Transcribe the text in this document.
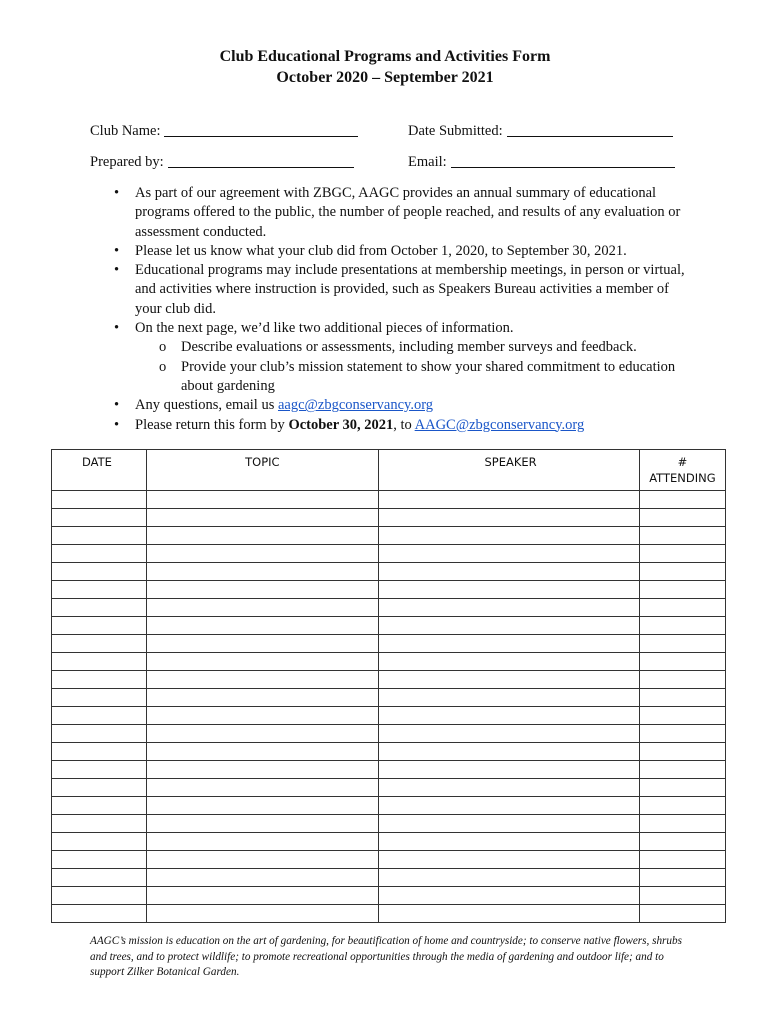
Club Educational Programs and Activities Form
October 2020 – September 2021
Club Name:	Date Submitted:
Prepared by:	Email:
• As part of our agreement with ZBGC, AAGC provides an annual summary of educational programs offered to the public, the number of people reached, and results of any evaluation or assessment conducted.
• Please let us know what your club did from October 1, 2020, to September 30, 2021.
• Educational programs may include presentations at membership meetings, in person or virtual, and activities where instruction is provided, such as Speakers Bureau activities a member of your club did.
• On the next page, we’d like two additional pieces of information.
o Describe evaluations or assessments, including member surveys and feedback.
o Provide your club’s mission statement to show your shared commitment to education about gardening
• Any questions, email us aagc@zbgconservancy.org
• Please return this form by October 30, 2021, to AAGC@zbgconservancy.org
DATE	TOPIC	SPEAKER	#
ATTENDING

AAGC’s mission is education on the art of gardening, for beautification of home and countryside; to conserve native flowers, shrubs and trees, and to protect wildlife; to promote recreational opportunities through the media of gardening and outdoor life; and to support Zilker Botanical Garden.
